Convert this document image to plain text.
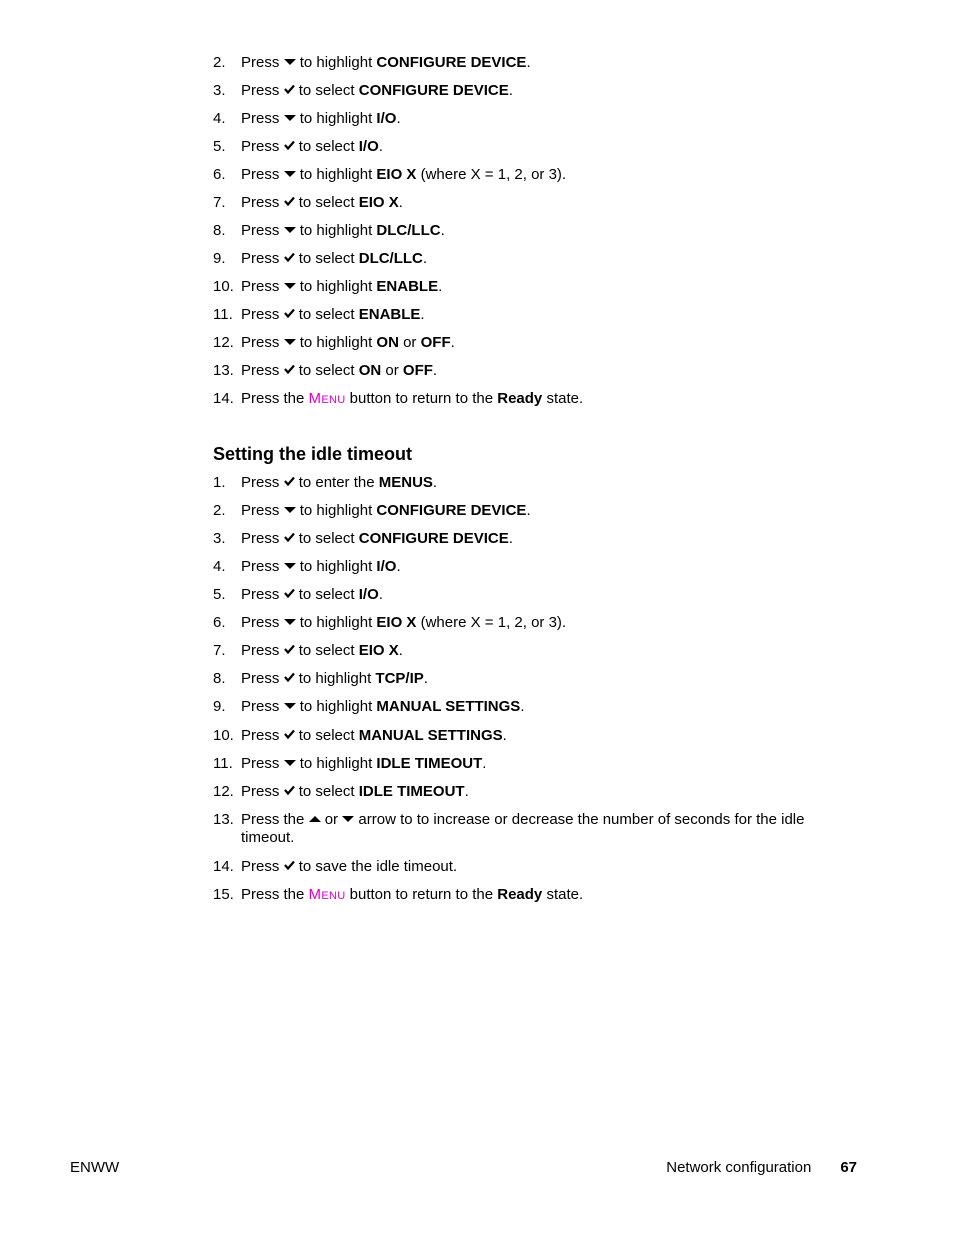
2.	Press to highlight CONFIGURE DEVICE.
3.	Press to select CONFIGURE DEVICE.
4.	Press to highlight I/O.
5.	Press to select I/O.
6.	Press to highlight EIO X (where X = 1, 2, or 3).
7.	Press to select EIO X.
8.	Press to highlight DLC/LLC.
9.	Press to select DLC/LLC.
10. Press to highlight ENABLE.
11. Press to select ENABLE.
12. Press to highlight ON or OFF.
13. Press to select ON or OFF.
14. Press the Menu button to return to the Ready state.
Setting the idle timeout
1.	Press to enter the MENUS.
2.	Press to highlight CONFIGURE DEVICE.
3.	Press to select CONFIGURE DEVICE.
4.	Press to highlight I/O.
5.	Press to select I/O.
6.	Press to highlight EIO X (where X = 1, 2, or 3).
7.	Press to select EIO X.
8.	Press to highlight TCP/IP.
9.	Press to highlight MANUAL SETTINGS.
10. Press to select MANUAL SETTINGS.
11. Press to highlight IDLE TIMEOUT.
12. Press to select IDLE TIMEOUT.
13. Press the or arrow to to increase or decrease the number of seconds for the idle timeout.
14. Press to save the idle timeout.
15. Press the Menu button to return to the Ready state.
ENWW	Network configuration 67
